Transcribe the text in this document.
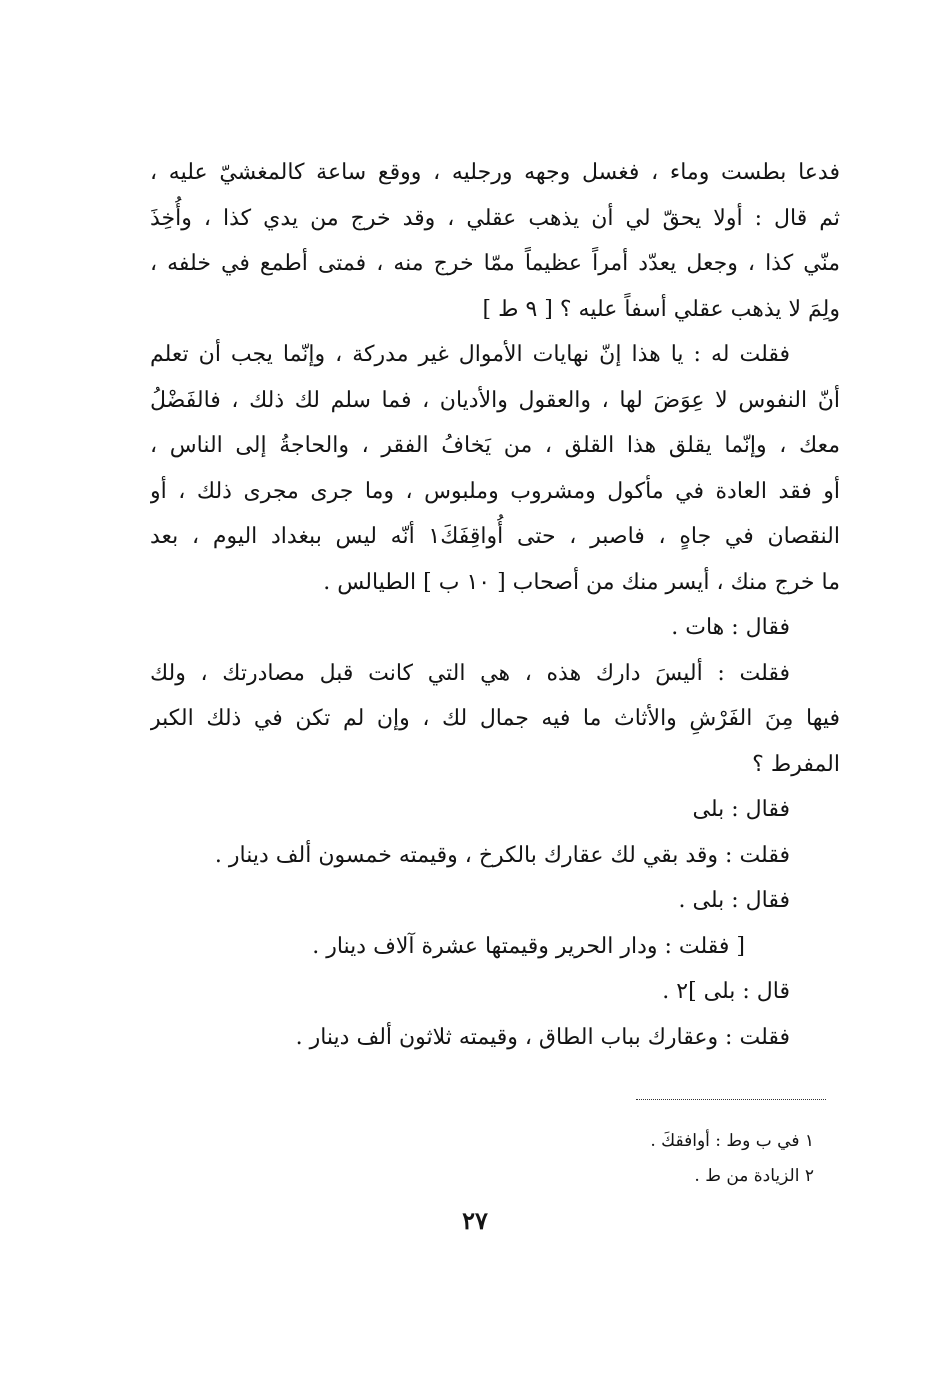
فدعا بطست وماء ، فغسل وجهه ورجليه ، ووقع ساعة كالمغشيّ عليه ،
ثم قال : أولا يحقّ لي أن يذهب عقلي ، وقد خرج من يدي كذا ، وأُخِذَ
منّي كذا ، وجعل يعدّد أمراً عظيماً ممّا خرج منه ، فمتى أطمع في خلفه ،
ولِمَ لا يذهب عقلي أسفاً عليه ؟ [ ٩ ط ]
فقلت له : يا هذا إنّ نهايات الأموال غير مدركة ، وإنّما يجب أن تعلم
أنّ النفوس لا عِوَضَ لها ، والعقول والأديان ، فما سلم لك ذلك ، فالفَضْلُ
معك ، وإنّما يقلق هذا القلق ، من يَخافُ الفقر ، والحاجةُ إلى الناس ،
أو فقد العادة في مأكول ومشروب وملبوس ، وما جرى مجرى ذلك ، أو
النقصان في جاهٍ ، فاصبر ، حتى أُواقِفَكَ١ أنّه ليس ببغداد اليوم ، بعد
ما خرج منك ، أيسر منك من أصحاب [ ١٠ ب ] الطيالس .
فقال : هات .
فقلت : أليسَ دارك هذه ، هي التي كانت قبل مصادرتك ، ولك
فيها مِنَ الفَرْشِ والأثاث ما فيه جمال لك ، وإن لم تكن في ذلك الكبر
المفرط ؟
فقال : بلى
فقلت : وقد بقي لك عقارك بالكرخ ، وقيمته خمسون ألف دينار .
فقال : بلى .
[ فقلت : ودار الحرير وقيمتها عشرة آلاف دينار .
قال : بلى ]٢ .
فقلت : وعقارك بباب الطاق ، وقيمته ثلاثون ألف دينار .
١ في ب وط : أوافقكَ .
٢ الزيادة من ط .
٢٧
